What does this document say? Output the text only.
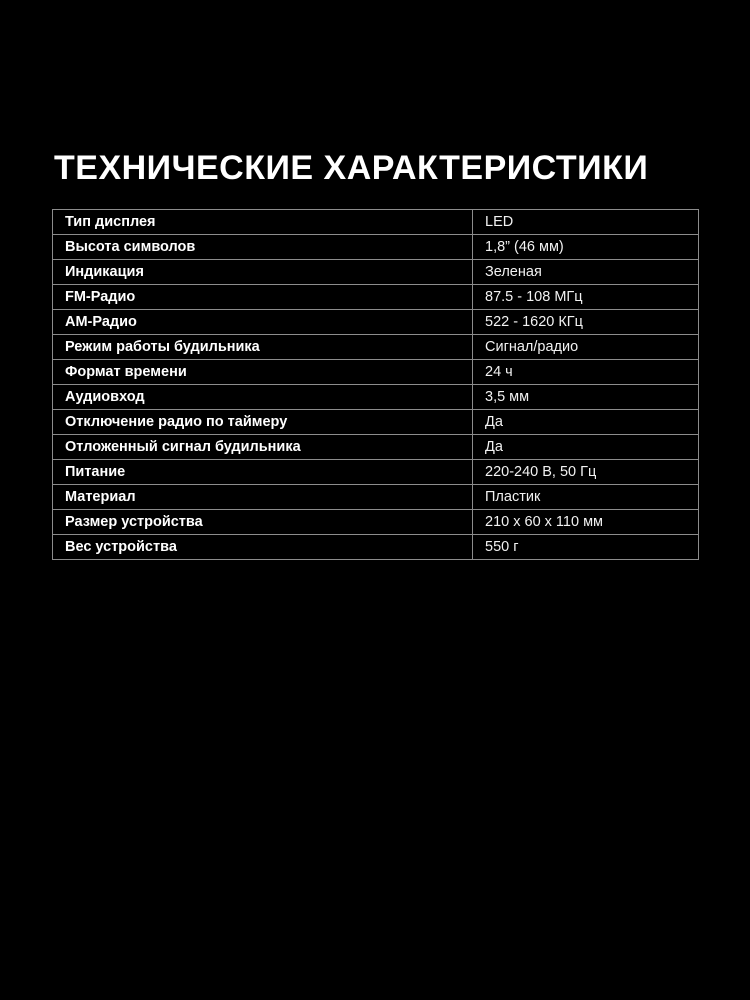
ТЕХНИЧЕСКИЕ ХАРАКТЕРИСТИКИ
Тип дисплея	LED
Высота символов	1,8” (46 мм)
Индикация	Зеленая
FM-Радио	87.5 - 108 МГц
АМ-Радио	522 - 1620 КГц
Режим работы будильника	Сигнал/радио
Формат времени	24 ч
Аудиовход	3,5 мм
Отключение радио по таймеру	Да
Отложенный сигнал будильника	Да
Питание	220-240 В, 50 Гц
Материал	Пластик
Размер устройства	210 x 60 x 110 мм
Вес устройства	550 г
